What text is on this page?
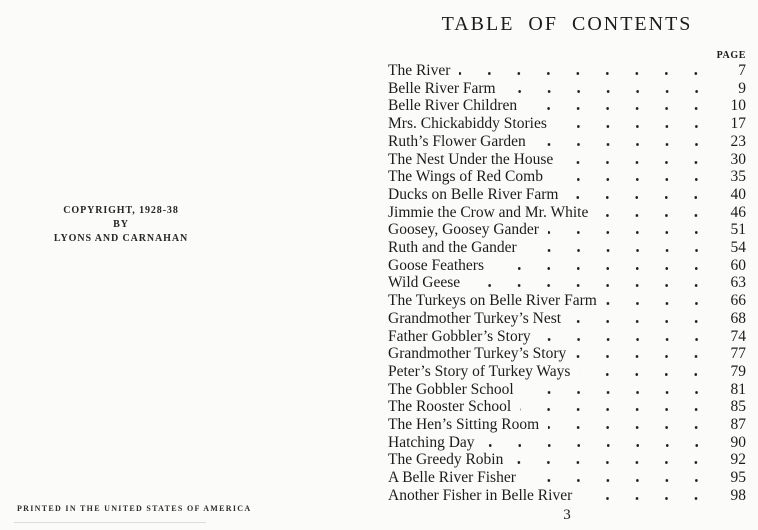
COPYRIGHT, 1928-38
BY
LYONS AND CARNAHAN
PRINTED IN THE UNITED STATES OF AMERICA
TABLE OF CONTENTS
PAGE
The River	7
Belle River Farm	9
Belle River Children	10
Mrs. Chickabiddy Stories	17
Ruth’s Flower Garden	23
The Nest Under the House	30
The Wings of Red Comb	35
Ducks on Belle River Farm	40
Jimmie the Crow and Mr. White	46
Goosey, Goosey Gander	51
Ruth and the Gander	54
Goose Feathers	60
Wild Geese	63
The Turkeys on Belle River Farm	66
Grandmother Turkey’s Nest	68
Father Gobbler’s Story	74
Grandmother Turkey’s Story	77
Peter’s Story of Turkey Ways	79
The Gobbler School	81
The Rooster School	85
The Hen’s Sitting Room	87
Hatching Day	90
The Greedy Robin	92
A Belle River Fisher	95
Another Fisher in Belle River	98
3
